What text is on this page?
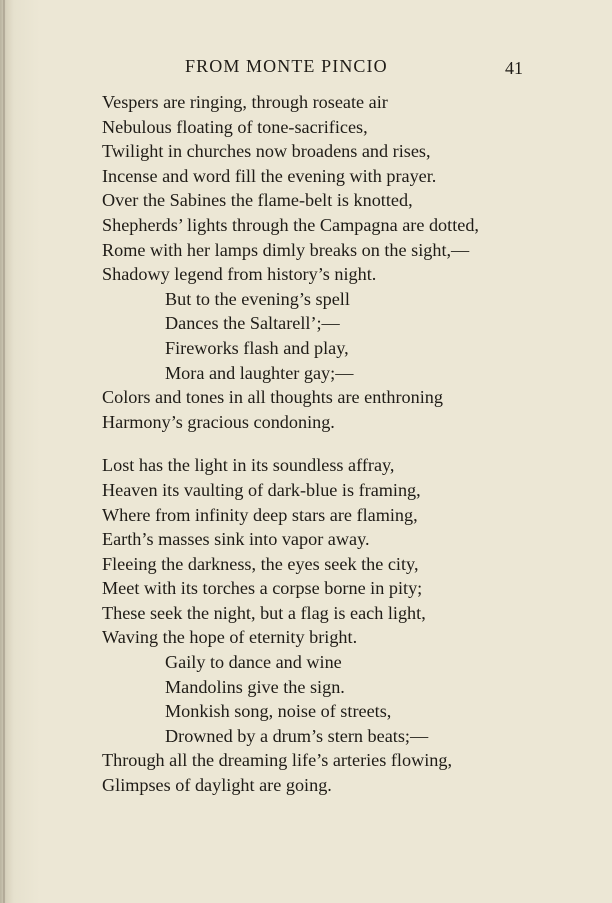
FROM MONTE PINCIO	41
Vespers are ringing, through roseate air
Nebulous floating of tone-sacrifices,
Twilight in churches now broadens and rises,
Incense and word fill the evening with prayer.
Over the Sabines the flame-belt is knotted,
Shepherds’ lights through the Campagna are dotted,
Rome with her lamps dimly breaks on the sight,—
Shadowy legend from history’s night.
But to the evening’s spell
Dances the Saltarell’;—
Fireworks flash and play,
Mora and laughter gay;—
Colors and tones in all thoughts are enthroning
Harmony’s gracious condoning.
Lost has the light in its soundless affray,
Heaven its vaulting of dark-blue is framing,
Where from infinity deep stars are flaming,
Earth’s masses sink into vapor away.
Fleeing the darkness, the eyes seek the city,
Meet with its torches a corpse borne in pity;
These seek the night, but a flag is each light,
Waving the hope of eternity bright.
Gaily to dance and wine
Mandolins give the sign.
Monkish song, noise of streets,
Drowned by a drum’s stern beats;—
Through all the dreaming life’s arteries flowing,
Glimpses of daylight are going.
